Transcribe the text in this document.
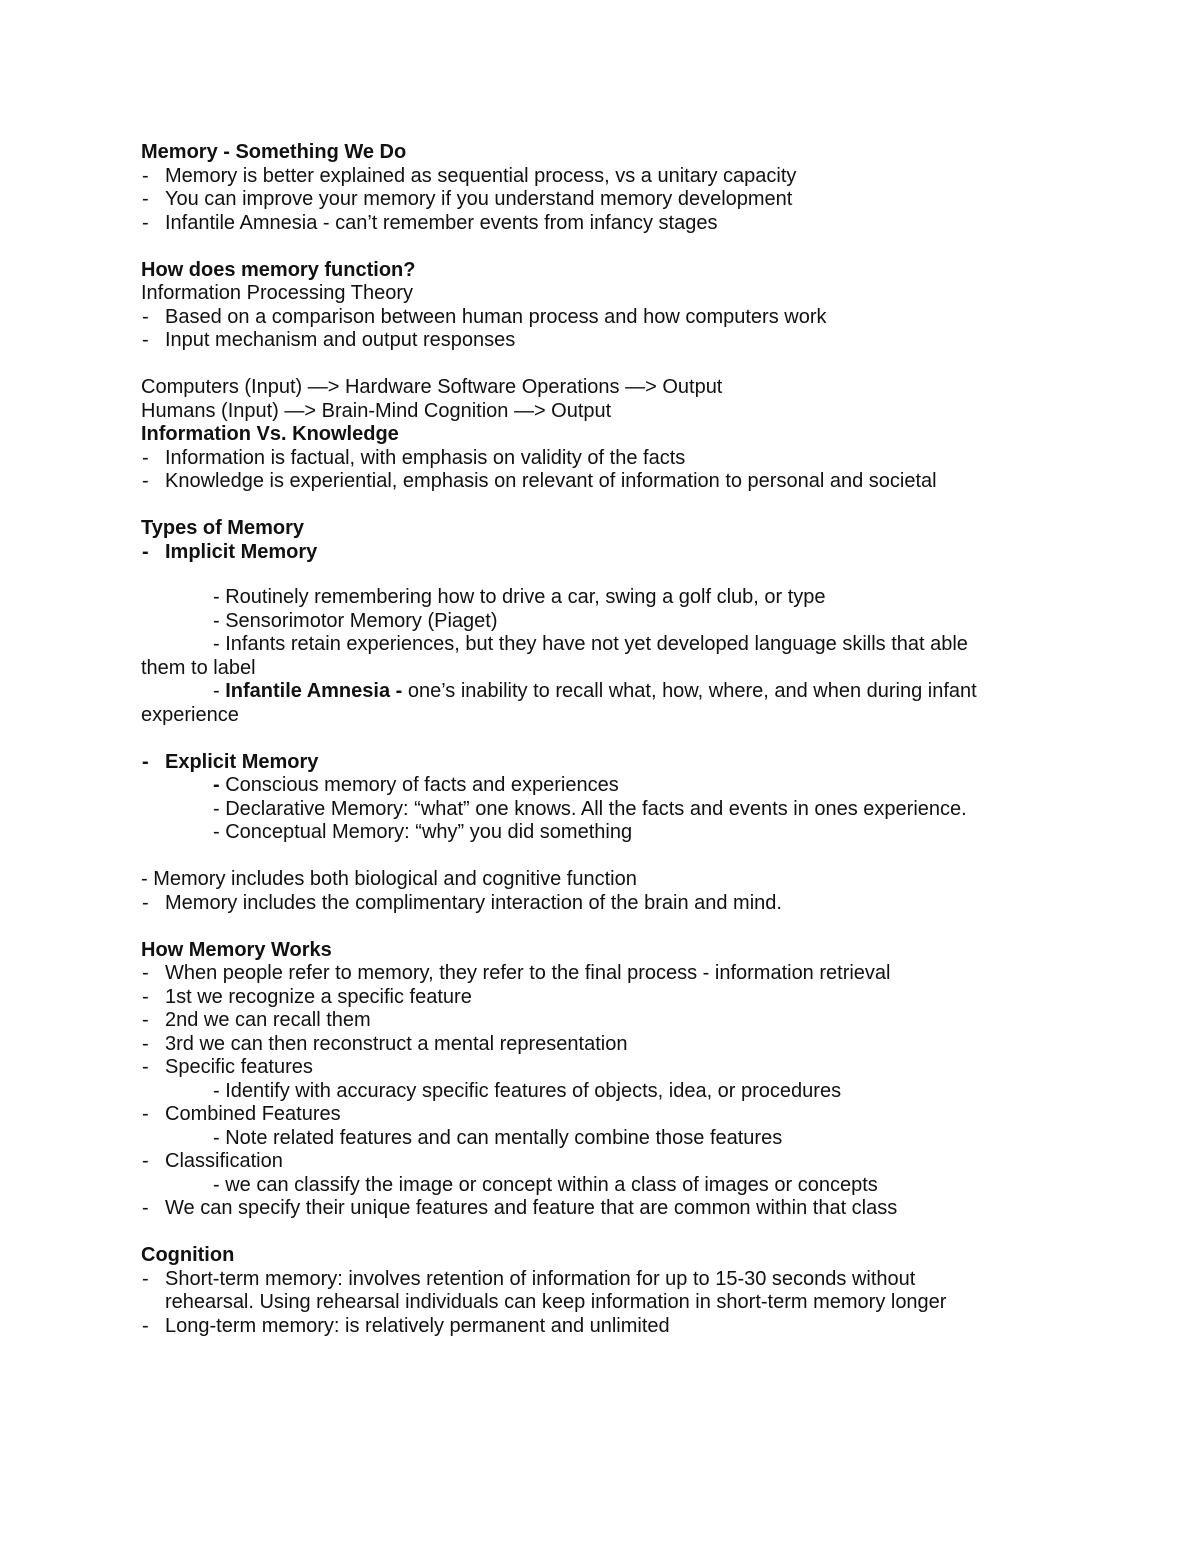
Memory - Something We Do
- Memory is better explained as sequential process, vs a unitary capacity
- You can improve your memory if you understand memory development
- Infantile Amnesia - can’t remember events from infancy stages
How does memory function?
Information Processing Theory
- Based on a comparison between human process and how computers work
- Input mechanism and output responses
Computers (Input) —> Hardware Software Operations —> Output
Humans (Input) —> Brain-Mind Cognition —> Output
Information Vs. Knowledge
- Information is factual, with emphasis on validity of the facts
- Knowledge is experiential, emphasis on relevant of information to personal and societal
Types of Memory
- Implicit Memory
- Routinely remembering how to drive a car, swing a golf club, or type
- Sensorimotor Memory (Piaget)
- Infants retain experiences, but they have not yet developed language skills that able
them to label
- Infantile Amnesia - one’s inability to recall what, how, where, and when during infant
experience
- Explicit Memory
- Conscious memory of facts and experiences
- Declarative Memory: “what” one knows. All the facts and events in ones experience.
- Conceptual Memory: “why” you did something
- Memory includes both biological and cognitive function
- Memory includes the complimentary interaction of the brain and mind.
How Memory Works
- When people refer to memory, they refer to the final process - information retrieval
- 1st we recognize a specific feature
- 2nd we can recall them
- 3rd we can then reconstruct a mental representation
- Specific features
- Identify with accuracy specific features of objects, idea, or procedures
- Combined Features
- Note related features and can mentally combine those features
- Classification
- we can classify the image or concept within a class of images or concepts
- We can specify their unique features and feature that are common within that class
Cognition
- Short-term memory: involves retention of information for up to 15-30 seconds without
rehearsal. Using rehearsal individuals can keep information in short-term memory longer
- Long-term memory: is relatively permanent and unlimited
